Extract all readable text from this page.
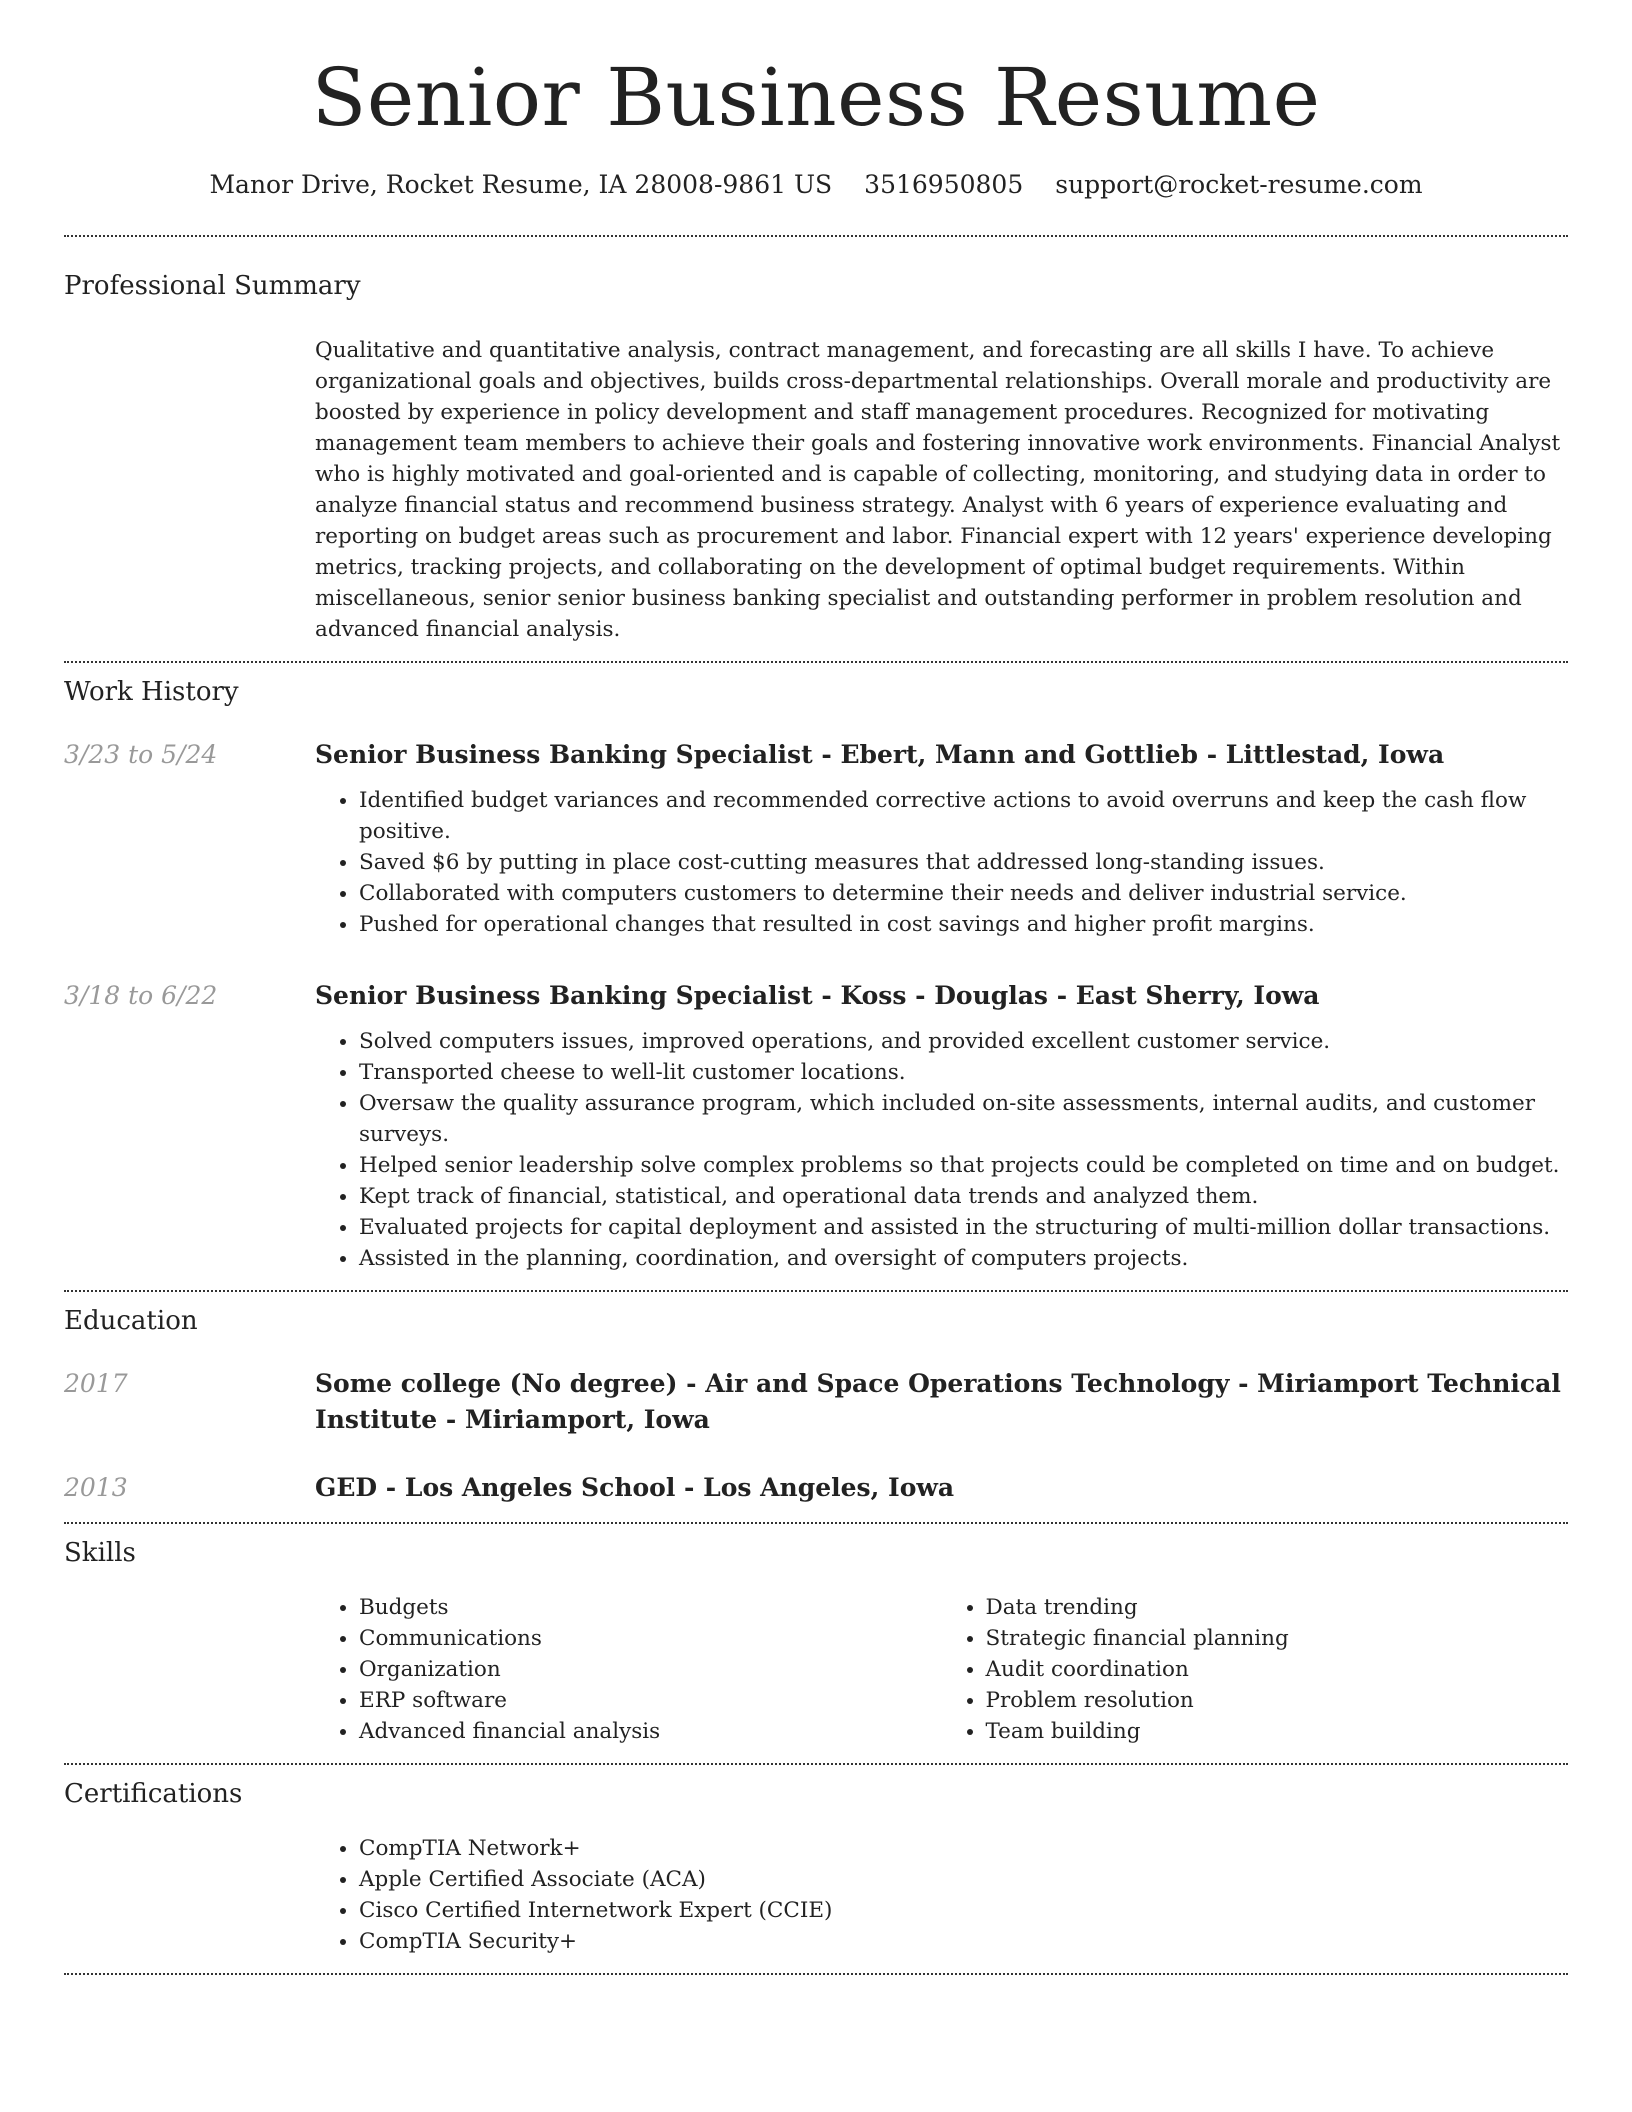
Senior Business Resume
Manor Drive, Rocket Resume, IA 28008-9861 US 3516950805 support@rocket-resume.com
Professional Summary

Qualitative and quantitative analysis, contract management, and forecasting are all skills I have. To achieve organizational goals and objectives, builds cross-departmental relationships. Overall morale and productivity are boosted by experience in policy development and staff management procedures. Recognized for motivating management team members to achieve their goals and fostering innovative work environments. Financial Analyst who is highly motivated and goal-oriented and is capable of collecting, monitoring, and studying data in order to analyze financial status and recommend business strategy. Analyst with 6 years of experience evaluating and reporting on budget areas such as procurement and labor. Financial expert with 12 years' experience developing metrics, tracking projects, and collaborating on the development of optimal budget requirements. Within miscellaneous, senior senior business banking specialist and outstanding performer in problem resolution and advanced financial analysis.

Work History
3/23 to 5/24	Senior Business Banking Specialist - Ebert, Mann and Gottlieb - Littlestad, Iowa
• Identified budget variances and recommended corrective actions to avoid overruns and keep the cash flow positive.
• Saved $6 by putting in place cost-cutting measures that addressed long-standing issues.
• Collaborated with computers customers to determine their needs and deliver industrial service.
• Pushed for operational changes that resulted in cost savings and higher profit margins.
3/18 to 6/22	Senior Business Banking Specialist - Koss - Douglas - East Sherry, Iowa
• Solved computers issues, improved operations, and provided excellent customer service.
• Transported cheese to well-lit customer locations.
• Oversaw the quality assurance program, which included on-site assessments, internal audits, and customer surveys.
• Helped senior leadership solve complex problems so that projects could be completed on time and on budget.
• Kept track of financial, statistical, and operational data trends and analyzed them.
• Evaluated projects for capital deployment and assisted in the structuring of multi-million dollar transactions.
• Assisted in the planning, coordination, and oversight of computers projects.
Education
2017	Some college (No degree) - Air and Space Operations Technology - Miriamport Technical Institute - Miriamport, Iowa
2013	GED - Los Angeles School - Los Angeles, Iowa
Skills
• Budgets
• Communications
• Organization
• ERP software
• Advanced financial analysis
• Data trending
• Strategic financial planning
• Audit coordination
• Problem resolution
• Team building
Certifications
• CompTIA Network+
• Apple Certified Associate (ACA)
• Cisco Certified Internetwork Expert (CCIE)
• CompTIA Security+
